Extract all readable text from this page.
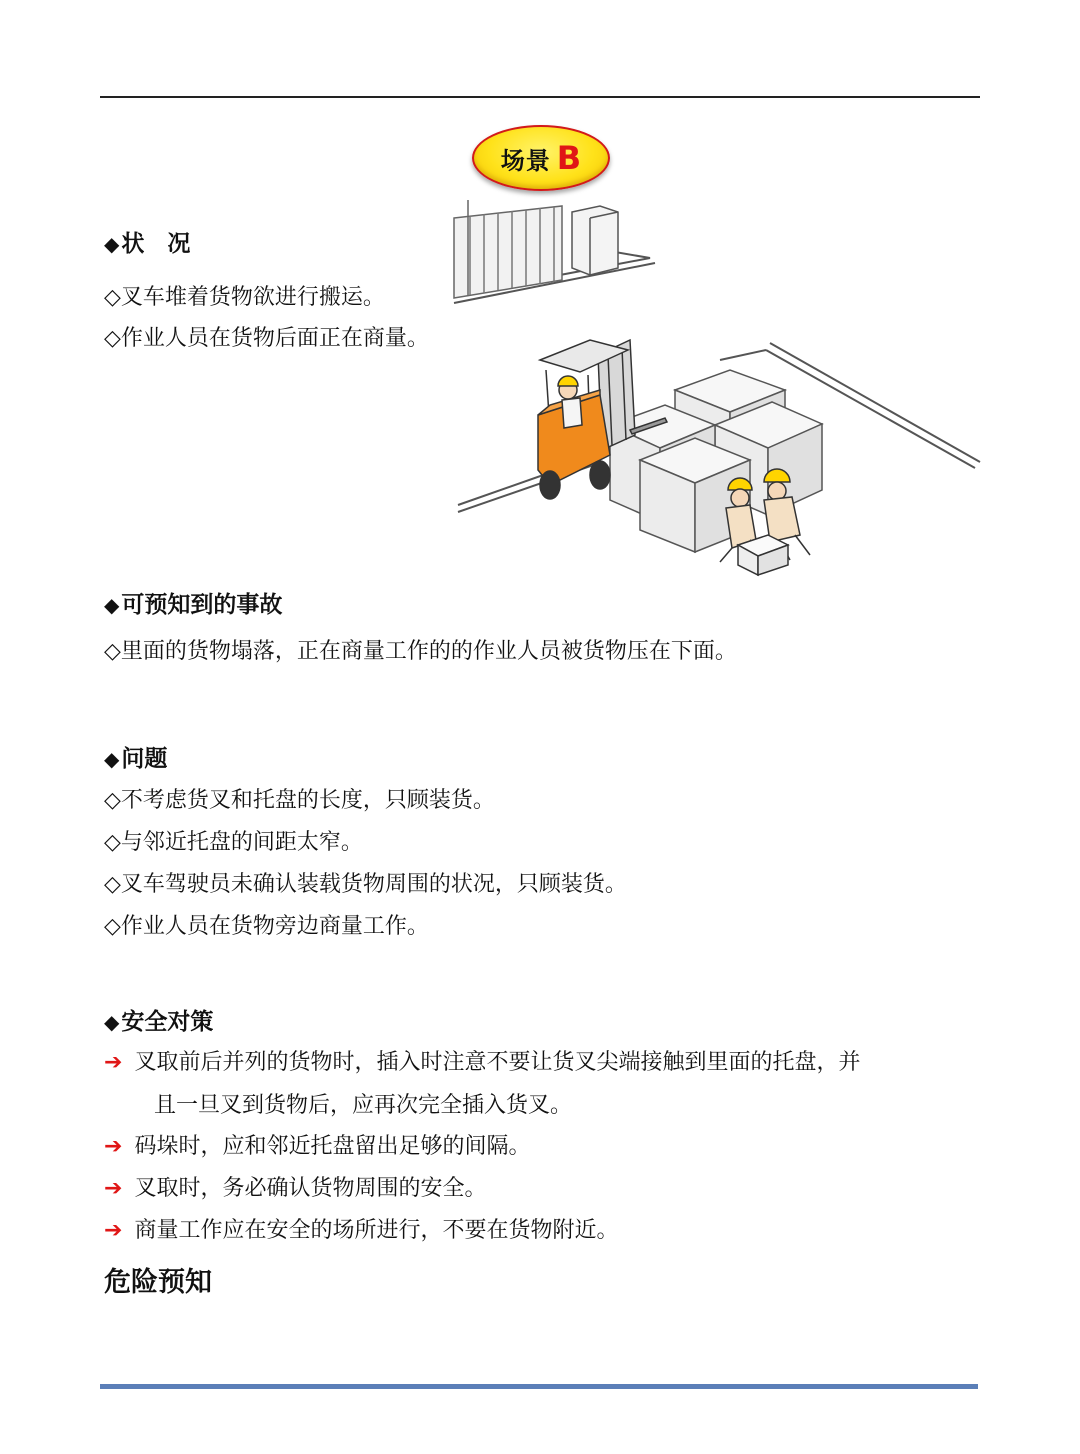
场景 B
◆状　况
◇叉车堆着货物欲进行搬运。
◇作业人员在货物后面正在商量。
◆可预知到的事故
◇里面的货物塌落，正在商量工作的的作业人员被货物压在下面。
◆问题
◇不考虑货叉和托盘的长度，只顾装货。
◇与邻近托盘的间距太窄。
◇叉车驾驶员未确认装载货物周围的状况，只顾装货。
◇作业人员在货物旁边商量工作。
◆安全对策
➔ 叉取前后并列的货物时，插入时注意不要让货叉尖端接触到里面的托盘，并
且一旦叉到货物后，应再次完全插入货叉。
➔ 码垛时，应和邻近托盘留出足够的间隔。
➔ 叉取时，务必确认货物周围的安全。
➔ 商量工作应在安全的场所进行，不要在货物附近。
危险预知
